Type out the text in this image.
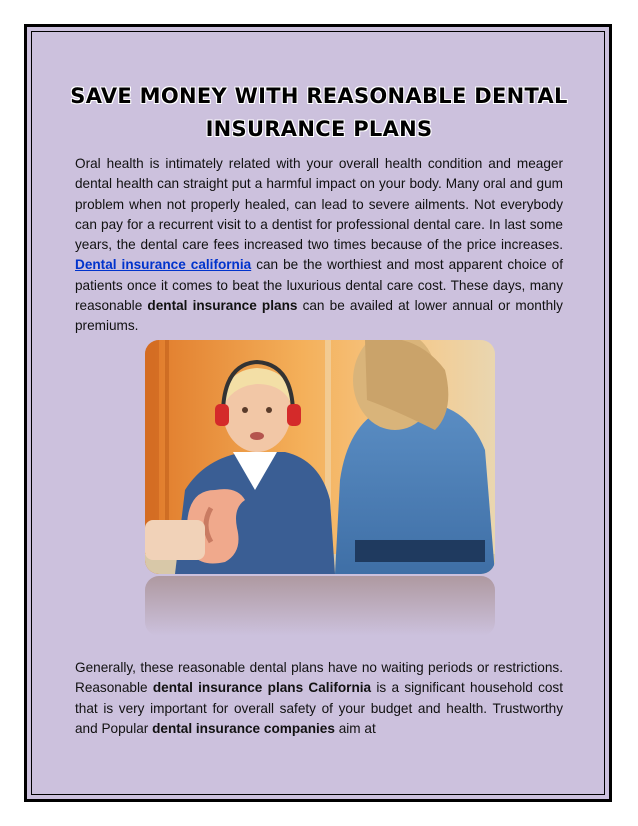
SAVE MONEY WITH REASONABLE DENTAL INSURANCE PLANS

Oral health is intimately related with your overall health condition and meager dental health can straight put a harmful impact on your body. Many oral and gum problem when not properly healed, can lead to severe ailments. Not everybody can pay for a recurrent visit to a dentist for professional dental care. In last some years, the dental care fees increased two times because of the price increases. Dental insurance california can be the worthiest and most apparent choice of patients once it comes to beat the luxurious dental care cost. These days, many reasonable dental insurance plans can be availed at lower annual or monthly premiums.

Generally, these reasonable dental plans have no waiting periods or restrictions. Reasonable dental insurance plans California is a significant household cost that is very important for overall safety of your budget and health. Trustworthy and Popular dental insurance companies aim at
